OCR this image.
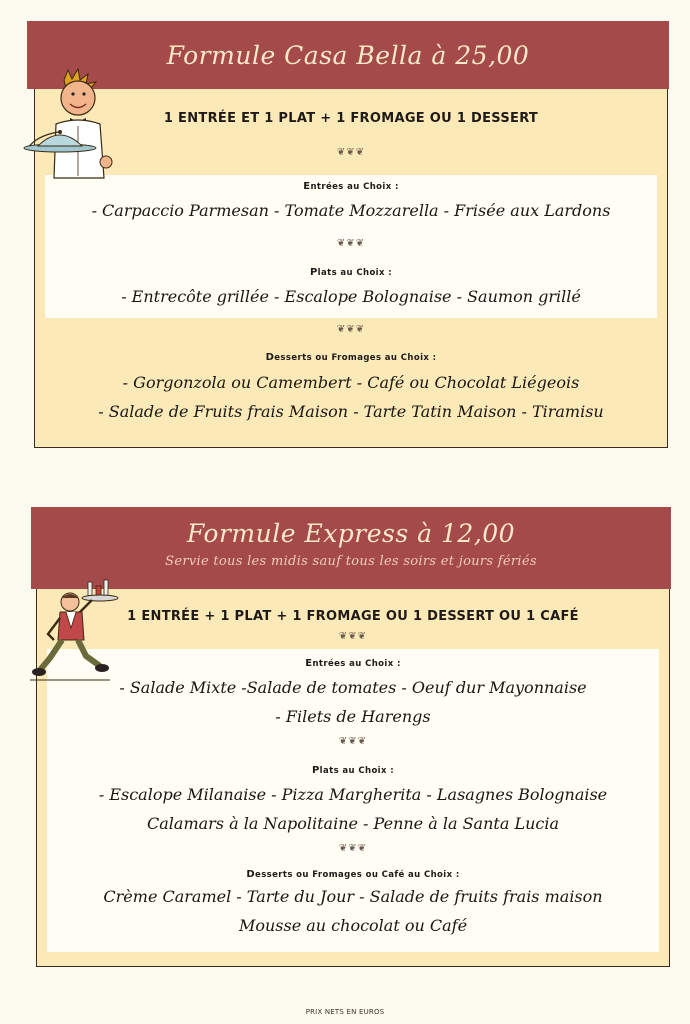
Formule Casa Bella à 25,00
1 ENTRÉE ET 1 PLAT + 1 FROMAGE OU 1 DESSERT
❦❦❦
Entrées au Choix :
- Carpaccio Parmesan - Tomate Mozzarella - Frisée aux Lardons
❦❦❦
Plats au Choix :
- Entrecôte grillée - Escalope Bolognaise - Saumon grillé
❦❦❦
Desserts ou Fromages au Choix :
- Gorgonzola ou Camembert - Café ou Chocolat Liégeois
- Salade de Fruits frais Maison - Tarte Tatin Maison - Tiramisu
Formule Express à 12,00
Servie tous les midis sauf tous les soirs et jours fériés
1 ENTRÉE + 1 PLAT + 1 FROMAGE OU 1 DESSERT OU 1 CAFÉ
❦❦❦
Entrées au Choix :
- Salade Mixte -Salade de tomates - Oeuf dur Mayonnaise
- Filets de Harengs
❦❦❦
Plats au Choix :
- Escalope Milanaise - Pizza Margherita - Lasagnes Bolognaise
Calamars à la Napolitaine - Penne à la Santa Lucia
❦❦❦
Desserts ou Fromages ou Café au Choix :
Crème Caramel - Tarte du Jour - Salade de fruits frais maison
Mousse au chocolat ou Café
PRIX NETS EN EUROS
